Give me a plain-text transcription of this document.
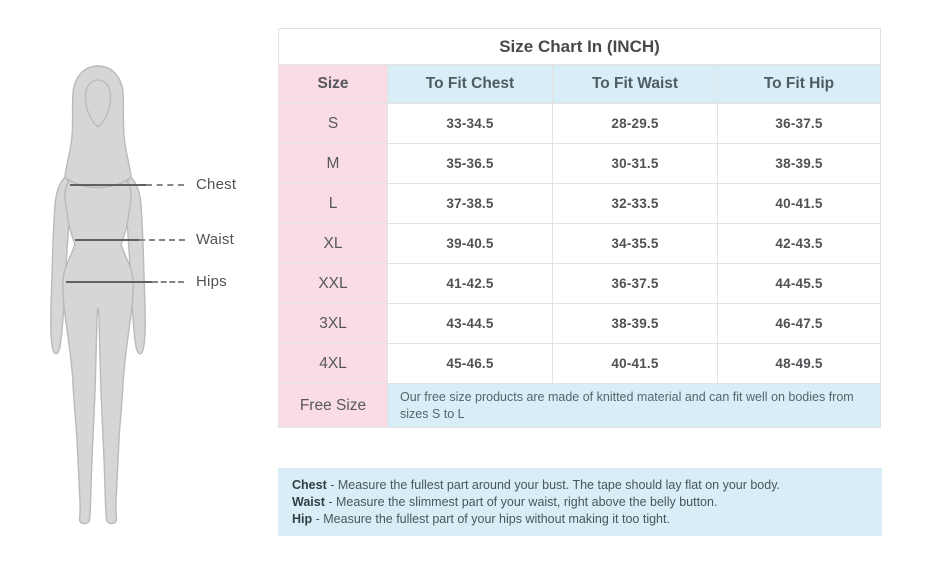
Chest
Waist
Hips
Size Chart In (INCH)			
Size	To Fit Chest	To Fit Waist	To Fit Hip
S	33-34.5	28-29.5	36-37.5
M	35-36.5	30-31.5	38-39.5
L	37-38.5	32-33.5	40-41.5
XL	39-40.5	34-35.5	42-43.5
XXL	41-42.5	36-37.5	44-45.5
3XL	43-44.5	38-39.5	46-47.5
4XL	45-46.5	40-41.5	48-49.5
Free Size	Our free size products are made of knitted material and can fit well on bodies from sizes S to L		

Chest - Measure the fullest part around your bust. The tape should lay flat on your body.

Waist - Measure the slimmest part of your waist, right above the belly button.

Hip - Measure the fullest part of your hips without making it too tight.
